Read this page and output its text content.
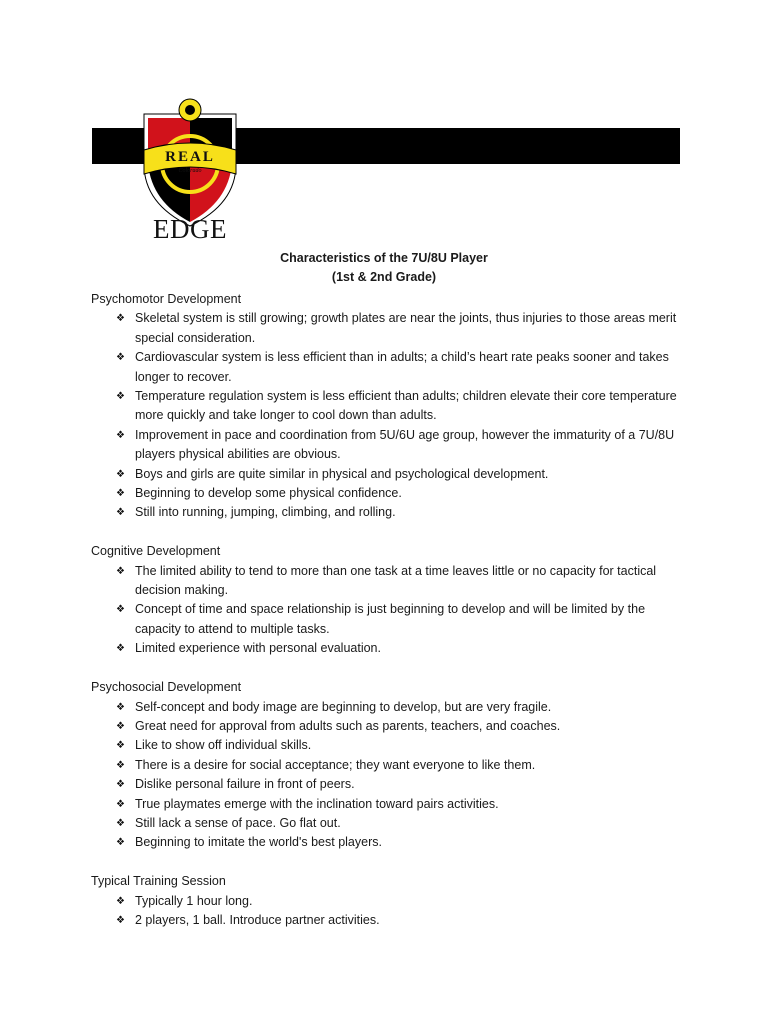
REAL
Colorado
EDGE
Characteristics of the 7U/8U Player
(1st & 2nd Grade)
Psychomotor Development
❖ Skeletal system is still growing; growth plates are near the joints, thus injuries to those areas merit special consideration.
❖ Cardiovascular system is less efficient than in adults; a child’s heart rate peaks sooner and takes longer to recover.
❖ Temperature regulation system is less efficient than adults; children elevate their core temperature more quickly and take longer to cool down than adults.
❖ Improvement in pace and coordination from 5U/6U age group, however the immaturity of a 7U/8U players physical abilities are obvious.
❖ Boys and girls are quite similar in physical and psychological development.
❖ Beginning to develop some physical confidence.
❖ Still into running, jumping, climbing, and rolling.
Cognitive Development
❖ The limited ability to tend to more than one task at a time leaves little or no capacity for tactical decision making.
❖ Concept of time and space relationship is just beginning to develop and will be limited by the capacity to attend to multiple tasks.
❖ Limited experience with personal evaluation.
Psychosocial Development
❖ Self-concept and body image are beginning to develop, but are very fragile.
❖ Great need for approval from adults such as parents, teachers, and coaches.
❖ Like to show off individual skills.
❖ There is a desire for social acceptance; they want everyone to like them.
❖ Dislike personal failure in front of peers.
❖ True playmates emerge with the inclination toward pairs activities.
❖ Still lack a sense of pace. Go flat out.
❖ Beginning to imitate the world's best players.
Typical Training Session
❖ Typically 1 hour long.
❖ 2 players, 1 ball. Introduce partner activities.
